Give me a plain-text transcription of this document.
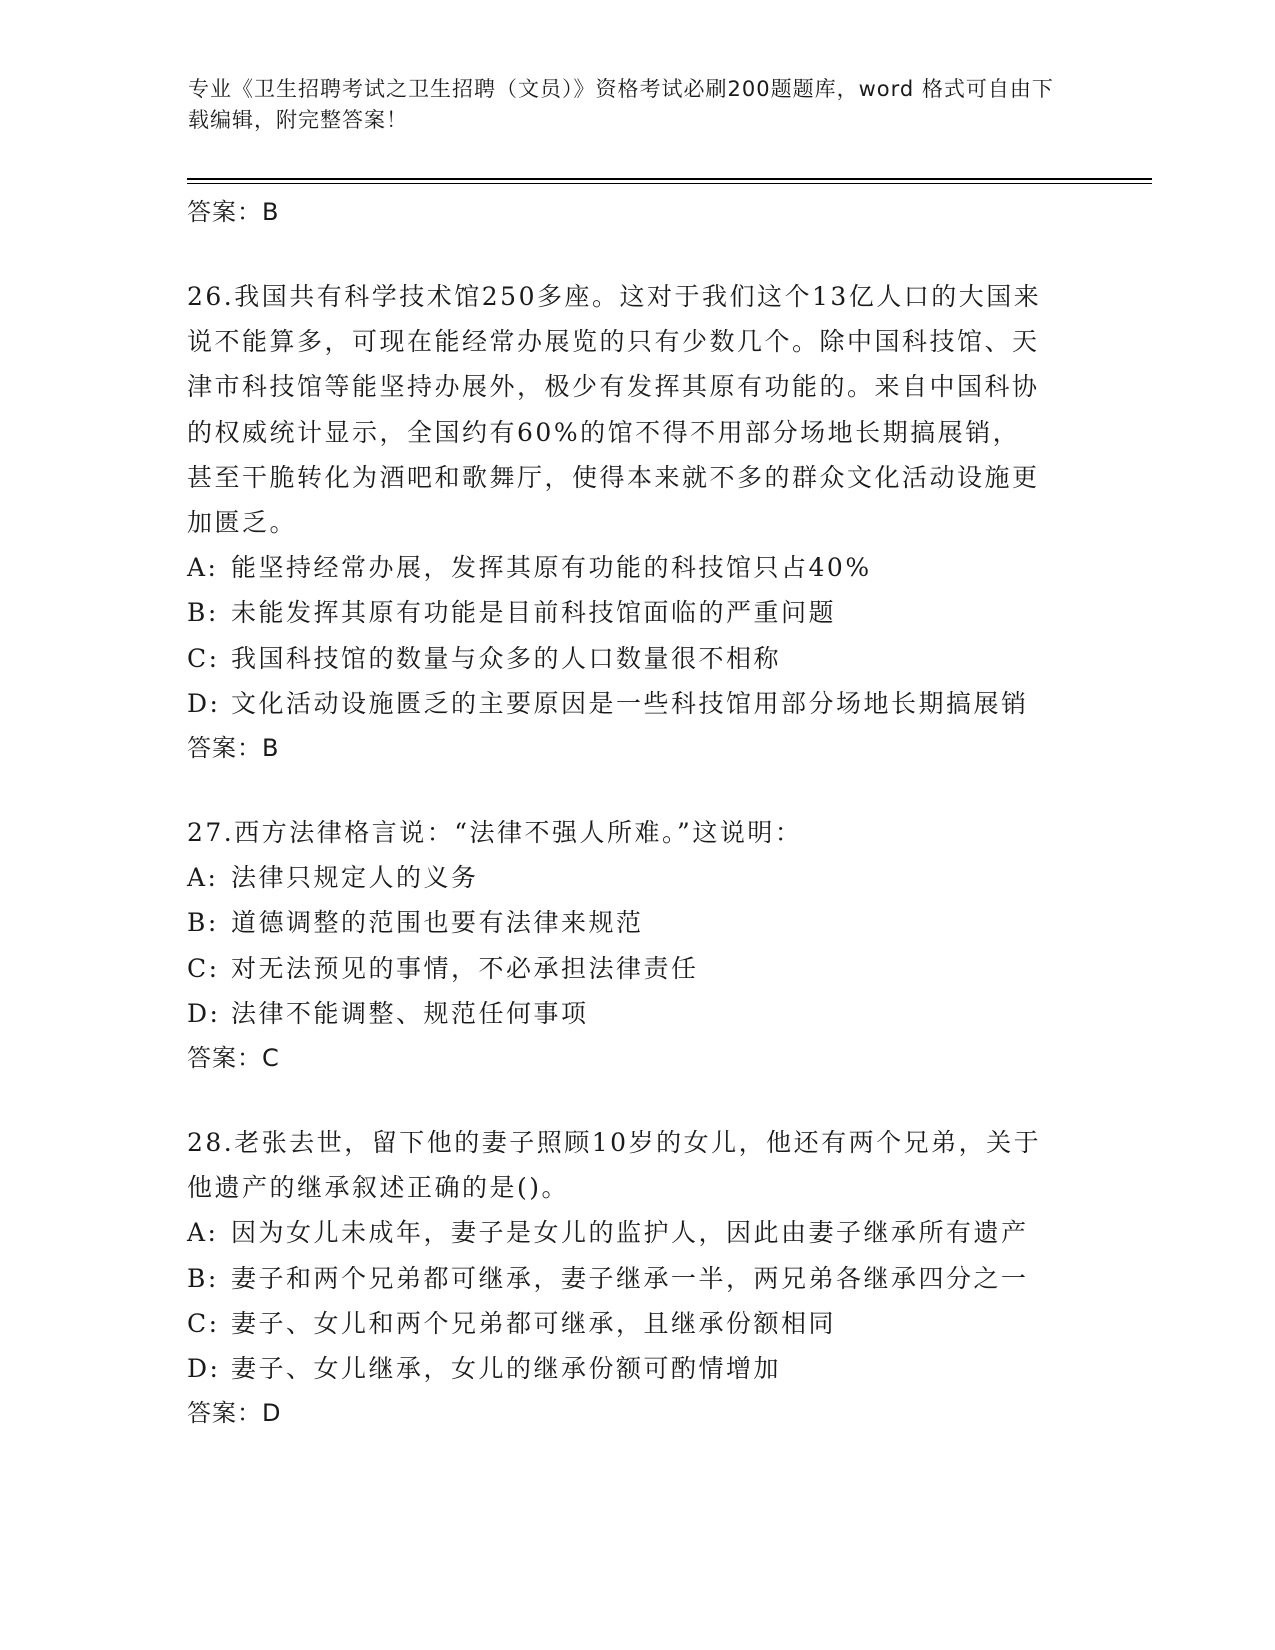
专业《卫生招聘考试之卫生招聘（文员）》资格考试必刷200题题库，word 格式可自由下载编辑，附完整答案！
答案：B

26.我国共有科学技术馆250多座。这对于我们这个13亿人口的大国来说不能算多，可现在能经常办展览的只有少数几个。除中国科技馆、天津市科技馆等能坚持办展外，极少有发挥其原有功能的。来自中国科协的权威统计显示，全国约有60%的馆不得不用部分场地长期搞展销，甚至干脆转化为酒吧和歌舞厅，使得本来就不多的群众文化活动设施更加匮乏。

A: 能坚持经常办展，发挥其原有功能的科技馆只占40%
B: 未能发挥其原有功能是目前科技馆面临的严重问题
C: 我国科技馆的数量与众多的人口数量很不相称
D: 文化活动设施匮乏的主要原因是一些科技馆用部分场地长期搞展销
答案：B

27.西方法律格言说：“法律不强人所难。”这说明：

A: 法律只规定人的义务
B: 道德调整的范围也要有法律来规范
C: 对无法预见的事情，不必承担法律责任
D: 法律不能调整、规范任何事项
答案：C

28.老张去世，留下他的妻子照顾10岁的女儿，他还有两个兄弟，关于他遗产的继承叙述正确的是()。

A: 因为女儿未成年，妻子是女儿的监护人，因此由妻子继承所有遗产
B: 妻子和两个兄弟都可继承，妻子继承一半，两兄弟各继承四分之一
C: 妻子、女儿和两个兄弟都可继承，且继承份额相同
D: 妻子、女儿继承，女儿的继承份额可酌情增加
答案：D
